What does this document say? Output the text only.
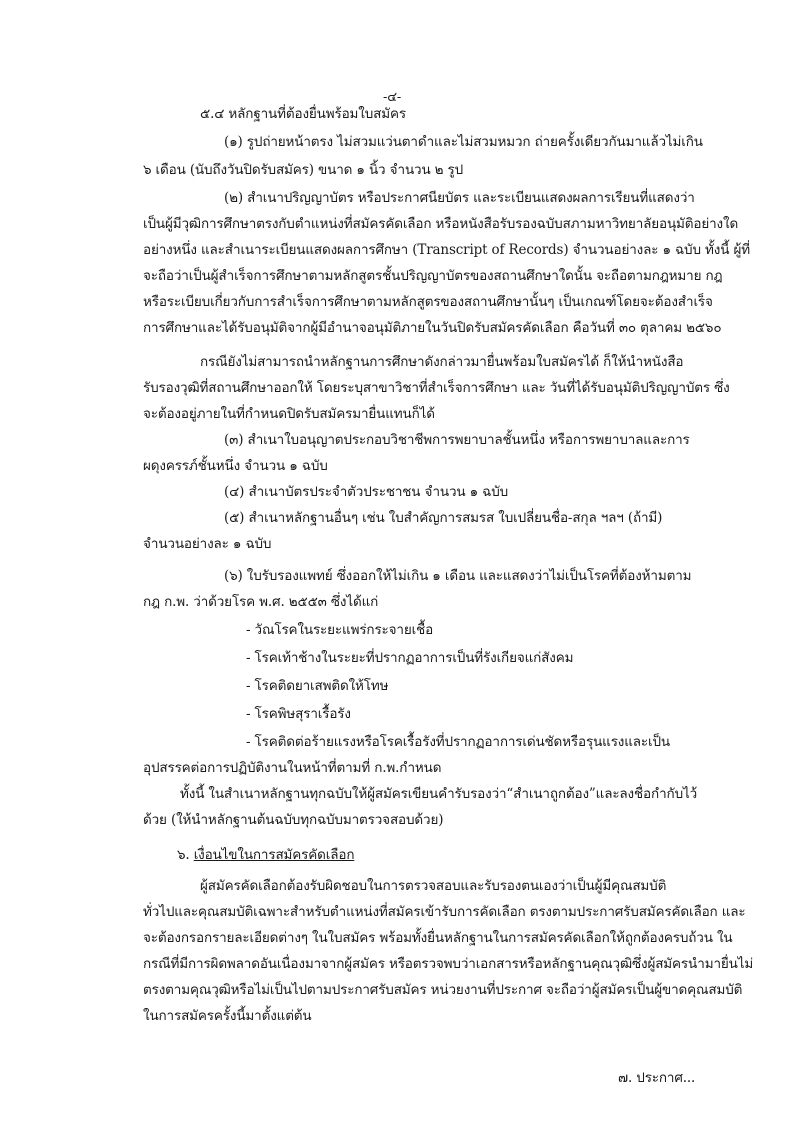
-๔-
๕.๔ หลักฐานที่ต้องยื่นพร้อมใบสมัคร
(๑) รูปถ่ายหน้าตรง ไม่สวมแว่นตาดำและไม่สวมหมวก ถ่ายครั้งเดียวกันมาแล้วไม่เกิน
๖ เดือน (นับถึงวันปิดรับสมัคร) ขนาด ๑ นิ้ว จำนวน ๒ รูป
(๒) สำเนาปริญญาบัตร หรือประกาศนียบัตร และระเบียนแสดงผลการเรียนที่แสดงว่า
เป็นผู้มีวุฒิการศึกษาตรงกับตำแหน่งที่สมัครคัดเลือก หรือหนังสือรับรองฉบับสภามหาวิทยาลัยอนุมัติอย่างใด
อย่างหนึ่ง และสำเนาระเบียนแสดงผลการศึกษา (Transcript of Records) จำนวนอย่างละ ๑ ฉบับ ทั้งนี้ ผู้ที่
จะถือว่าเป็นผู้สำเร็จการศึกษาตามหลักสูตรชั้นปริญญาบัตรของสถานศึกษาใดนั้น จะถือตามกฎหมาย กฎ
หรือระเบียบเกี่ยวกับการสำเร็จการศึกษาตามหลักสูตรของสถานศึกษานั้นๆ เป็นเกณฑ์โดยจะต้องสำเร็จ
การศึกษาและได้รับอนุมัติจากผู้มีอำนาจอนุมัติภายในวันปิดรับสมัครคัดเลือก คือวันที่ ๓๐ ตุลาคม ๒๕๖๐
กรณียังไม่สามารถนำหลักฐานการศึกษาดังกล่าวมายื่นพร้อมใบสมัครได้ ก็ให้นำหนังสือ
รับรองวุฒิที่สถานศึกษาออกให้ โดยระบุสาขาวิชาที่สำเร็จการศึกษา และ วันที่ได้รับอนุมัติปริญญาบัตร ซึ่ง
จะต้องอยู่ภายในที่กำหนดปิดรับสมัครมายื่นแทนก็ได้
(๓) สำเนาใบอนุญาตประกอบวิชาชีพการพยาบาลชั้นหนึ่ง หรือการพยาบาลและการ
ผดุงครรภ์ชั้นหนึ่ง จำนวน ๑ ฉบับ
(๔) สำเนาบัตรประจำตัวประชาชน จำนวน ๑ ฉบับ
(๕) สำเนาหลักฐานอื่นๆ เช่น ใบสำคัญการสมรส ใบเปลี่ยนชื่อ-สกุล ฯลฯ (ถ้ามี)
จำนวนอย่างละ ๑ ฉบับ
(๖) ใบรับรองแพทย์ ซึ่งออกให้ไม่เกิน ๑ เดือน และแสดงว่าไม่เป็นโรคที่ต้องห้ามตาม
กฎ ก.พ. ว่าด้วยโรค พ.ศ. ๒๕๕๓ ซึ่งได้แก่
- วัณโรคในระยะแพร่กระจายเชื้อ
- โรคเท้าช้างในระยะที่ปรากฏอาการเป็นที่รังเกียจแก่สังคม
- โรคติดยาเสพติดให้โทษ
- โรคพิษสุราเรื้อรัง
- โรคติดต่อร้ายแรงหรือโรคเรื้อรังที่ปรากฏอาการเด่นชัดหรือรุนแรงและเป็น
อุปสรรคต่อการปฏิบัติงานในหน้าที่ตามที่ ก.พ.กำหนด
ทั้งนี้ ในสำเนาหลักฐานทุกฉบับให้ผู้สมัครเขียนคำรับรองว่า“สำเนาถูกต้อง”และลงชื่อกำกับไว้
ด้วย (ให้นำหลักฐานต้นฉบับทุกฉบับมาตรวจสอบด้วย)
๖. เงื่อนไขในการสมัครคัดเลือก
ผู้สมัครคัดเลือกต้องรับผิดชอบในการตรวจสอบและรับรองตนเองว่าเป็นผู้มีคุณสมบัติ
ทั่วไปและคุณสมบัติเฉพาะสำหรับตำแหน่งที่สมัครเข้ารับการคัดเลือก ตรงตามประกาศรับสมัครคัดเลือก และ
จะต้องกรอกรายละเอียดต่างๆ ในใบสมัคร พร้อมทั้งยื่นหลักฐานในการสมัครคัดเลือกให้ถูกต้องครบถ้วน ใน
กรณีที่มีการผิดพลาดอันเนื่องมาจากผู้สมัคร หรือตรวจพบว่าเอกสารหรือหลักฐานคุณวุฒิซึ่งผู้สมัครนำมายื่นไม่
ตรงตามคุณวุฒิหรือไม่เป็นไปตามประกาศรับสมัคร หน่วยงานที่ประกาศ จะถือว่าผู้สมัครเป็นผู้ขาดคุณสมบัติ
ในการสมัครครั้งนี้มาตั้งแต่ต้น
๗. ประกาศ...
